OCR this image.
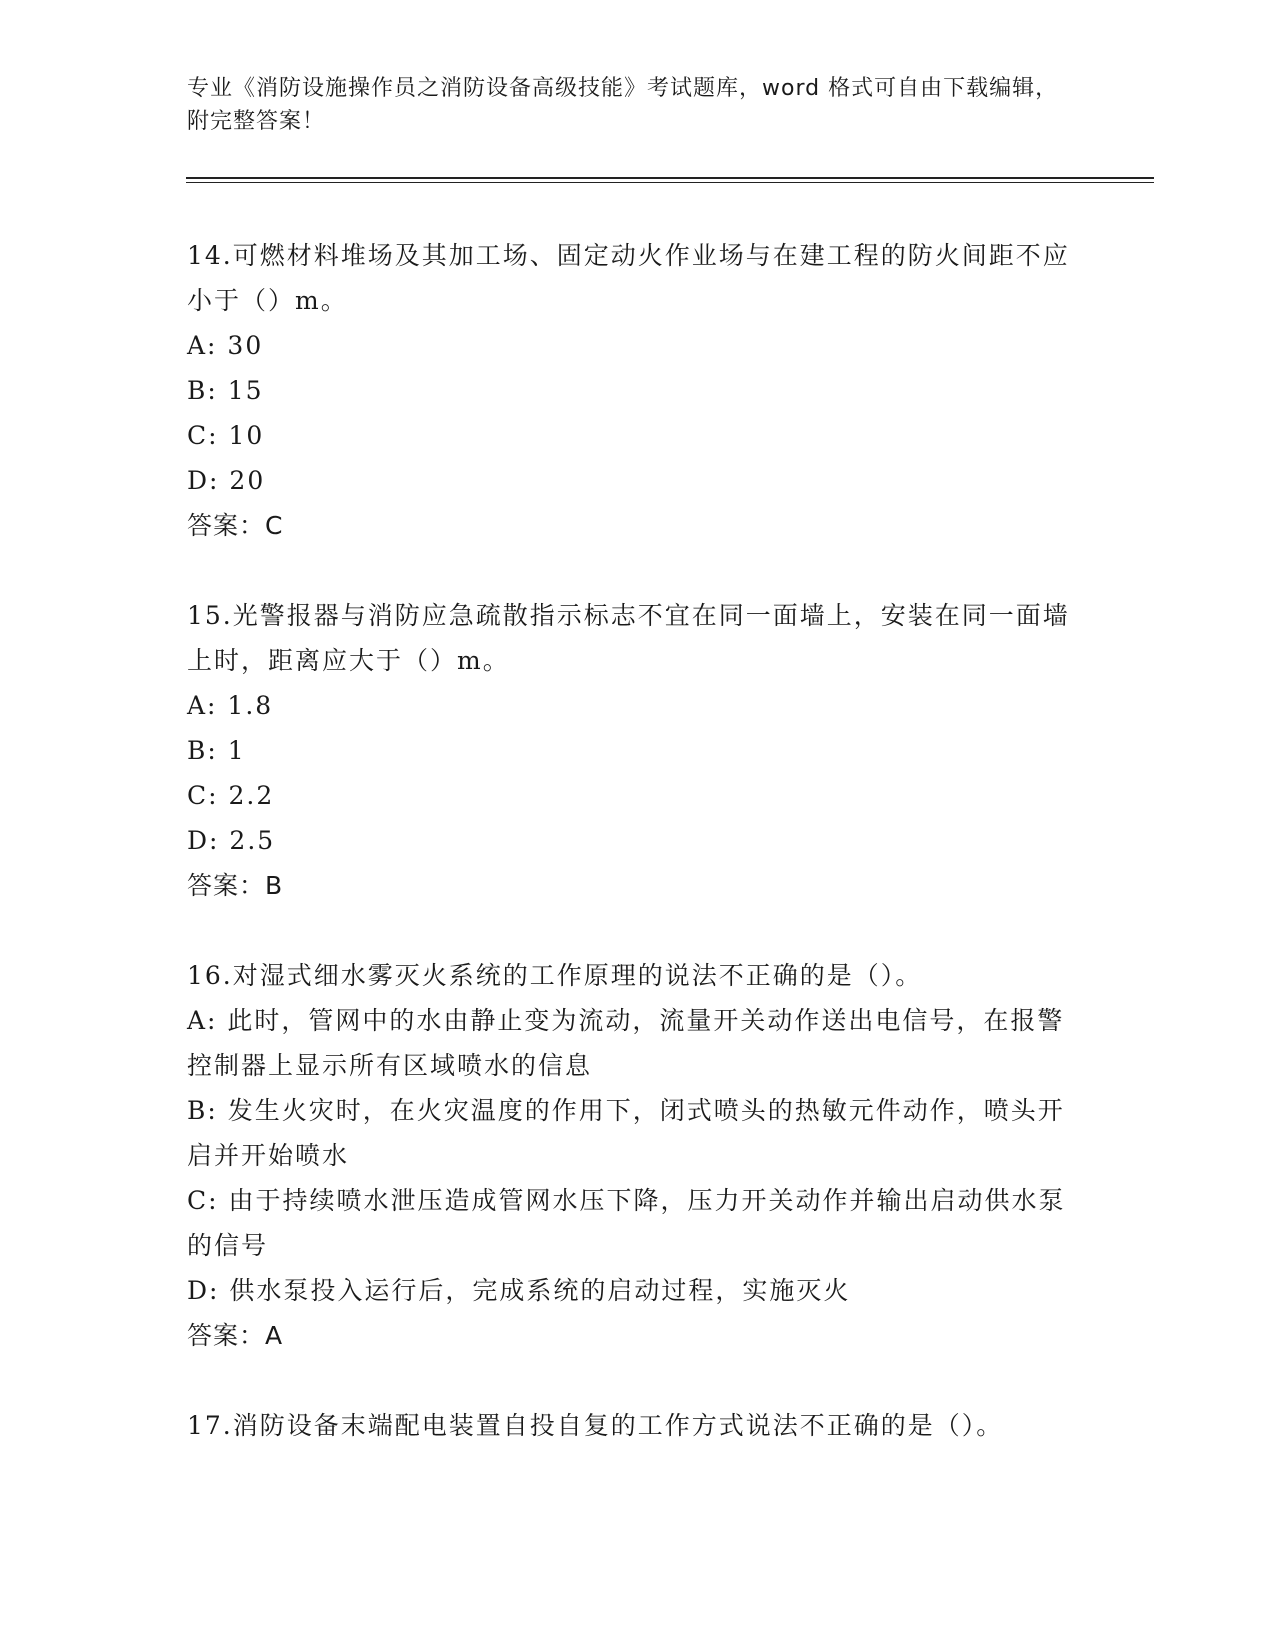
专业《消防设施操作员之消防设备高级技能》考试题库，word 格式可自由下载编辑，附完整答案！

14.可燃材料堆场及其加工场、固定动火作业场与在建工程的防火间距不应小于（）m。

A: 30

B: 15

C: 10

D: 20

答案：C

15.光警报器与消防应急疏散指示标志不宜在同一面墙上，安装在同一面墙上时，距离应大于（）m。

A: 1.8

B: 1

C: 2.2

D: 2.5

答案：B

16.对湿式细水雾灭火系统的工作原理的说法不正确的是（）。

A: 此时，管网中的水由静止变为流动，流量开关动作送出电信号，在报警控制器上显示所有区域喷水的信息

B: 发生火灾时，在火灾温度的作用下，闭式喷头的热敏元件动作，喷头开启并开始喷水

C: 由于持续喷水泄压造成管网水压下降，压力开关动作并输出启动供水泵的信号

D: 供水泵投入运行后，完成系统的启动过程，实施灭火

答案：A

17.消防设备末端配电装置自投自复的工作方式说法不正确的是（）。
